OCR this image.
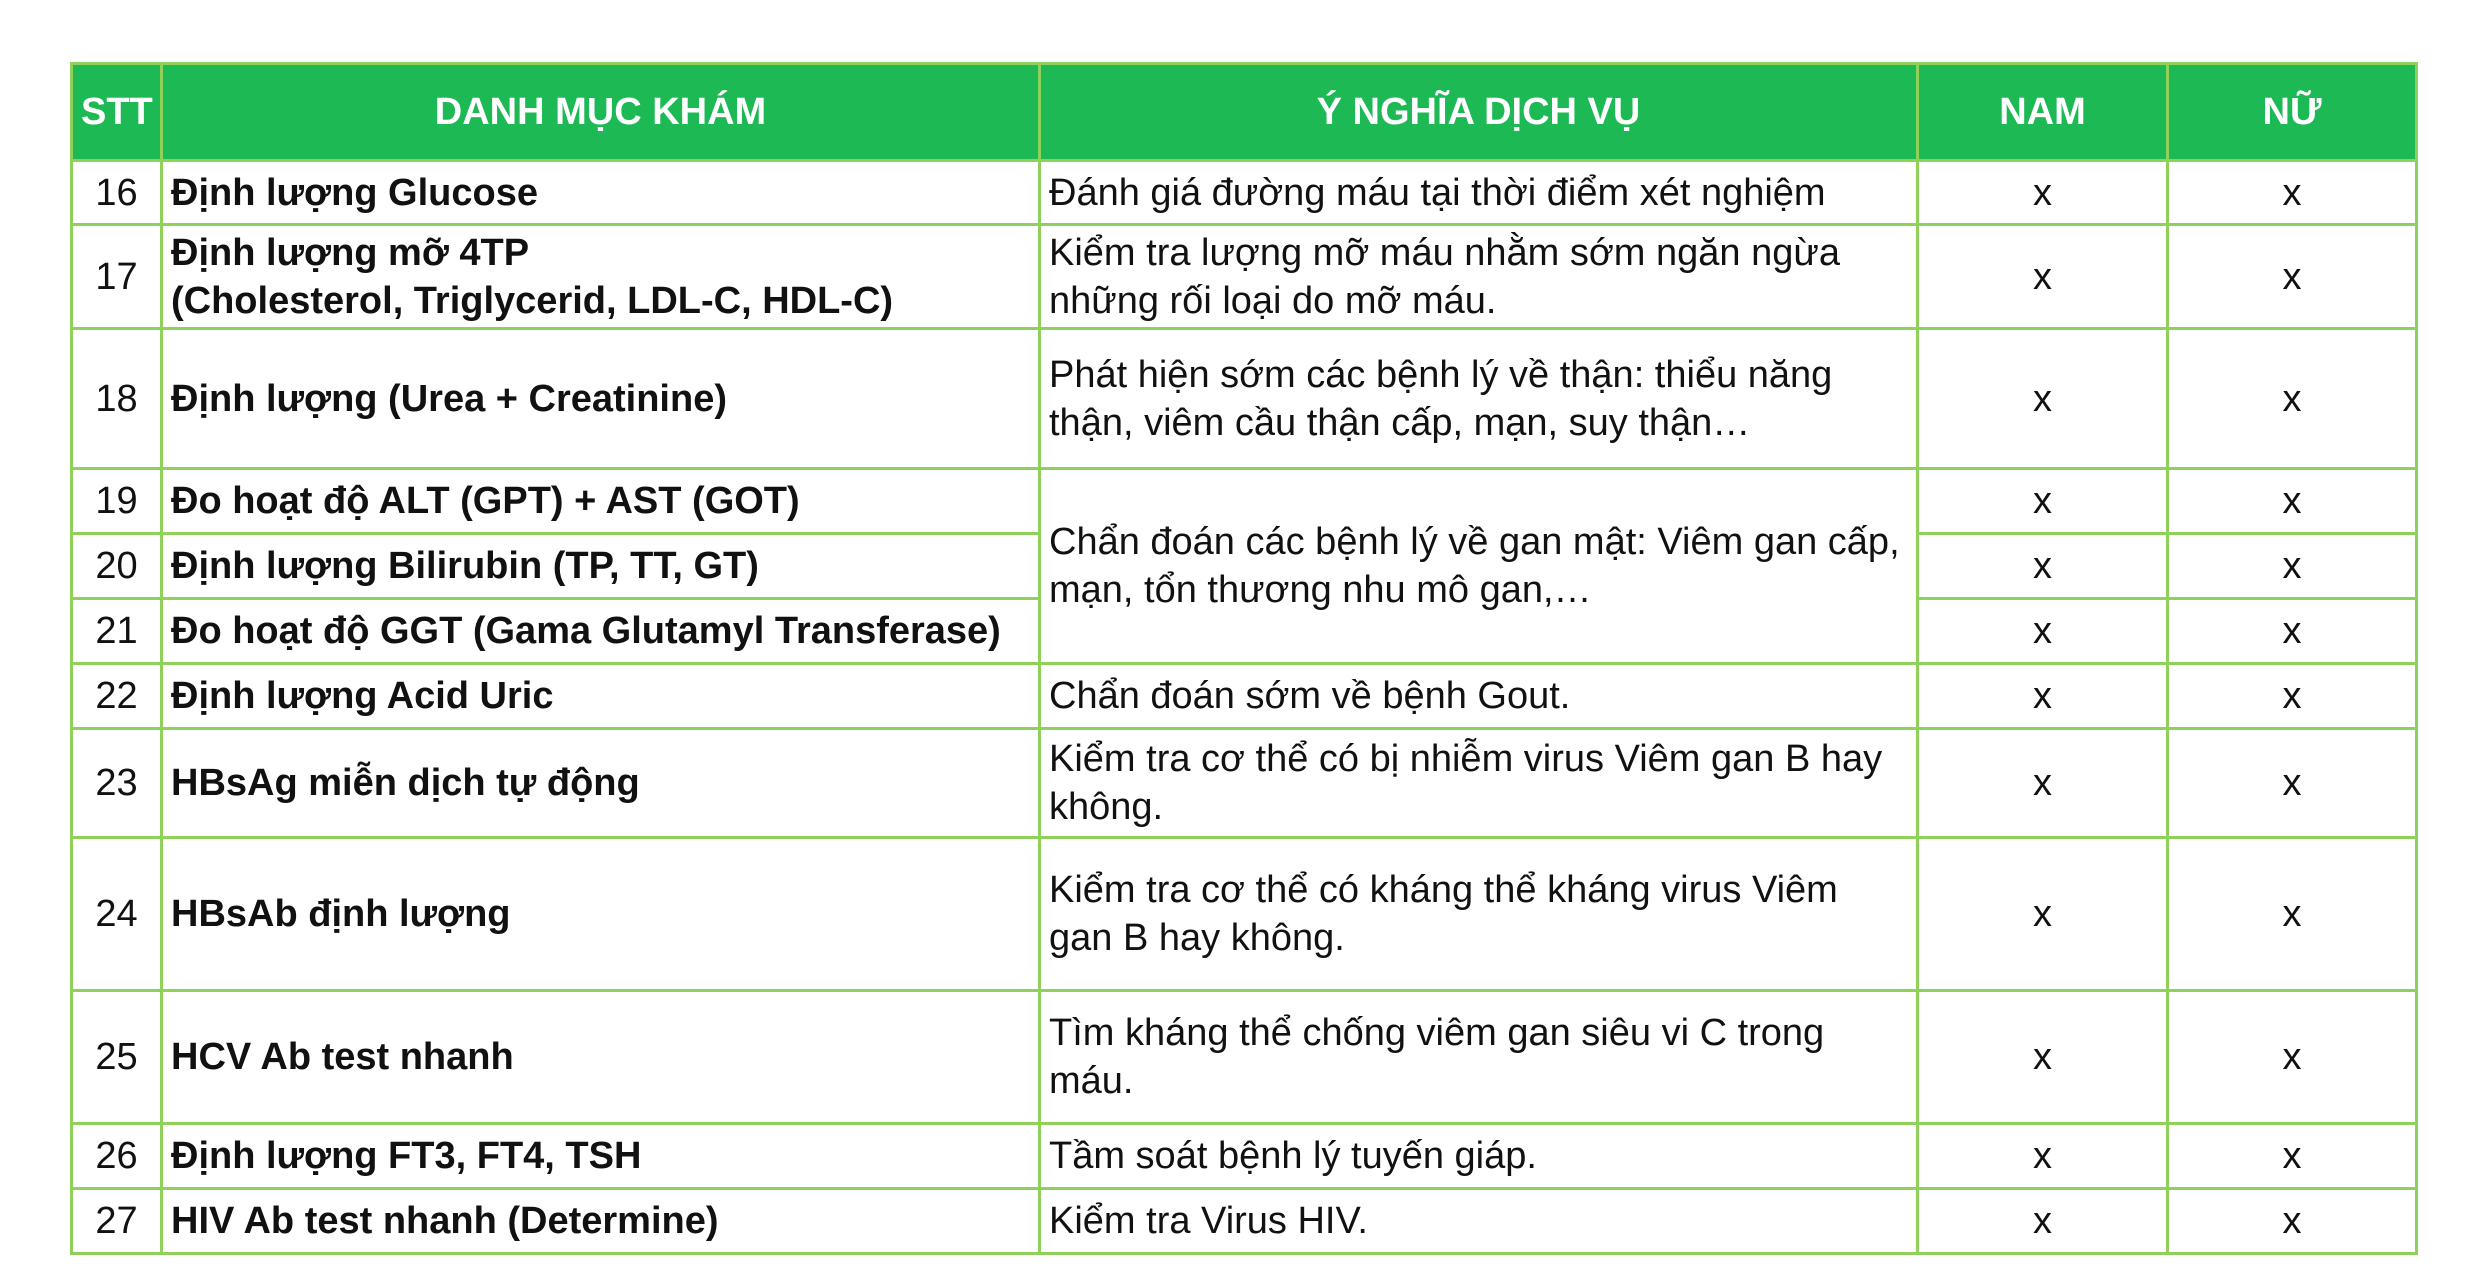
STT	DANH MỤC KHÁM	Ý NGHĨA DỊCH VỤ	NAM	NỮ
16	Định lượng Glucose	Đánh giá đường máu tại thời điểm xét nghiệm	x	x
17	Định lượng mỡ 4TP
(Cholesterol, Triglycerid, LDL-C, HDL-C)	Kiểm tra lượng mỡ máu nhằm sớm ngăn ngừa những rối loại do mỡ máu.	x	x
18	Định lượng (Urea + Creatinine)	Phát hiện sớm các bệnh lý về thận: thiểu năng thận, viêm cầu thận cấp, mạn, suy thận…	x	x
19	Đo hoạt độ ALT (GPT) + AST (GOT)	Chẩn đoán các bệnh lý về gan mật: Viêm gan cấp, mạn, tổn thương nhu mô gan,…	x	x
20	Định lượng Bilirubin (TP, TT, GT)		x	x
21	Đo hoạt độ GGT (Gama Glutamyl Transferase)		x	x
22	Định lượng Acid Uric	Chẩn đoán sớm về bệnh Gout.	x	x
23	HBsAg miễn dịch tự động	Kiểm tra cơ thể có bị nhiễm virus Viêm gan B hay không.	x	x
24	HBsAb định lượng	Kiểm tra cơ thể có kháng thể kháng virus Viêm gan B hay không.	x	x
25	HCV Ab test nhanh	Tìm kháng thể chống viêm gan siêu vi C trong máu.	x	x
26	Định lượng FT3, FT4, TSH	Tầm soát bệnh lý tuyến giáp.	x	x
27	HIV Ab test nhanh (Determine)	Kiểm tra Virus HIV.	x	x
